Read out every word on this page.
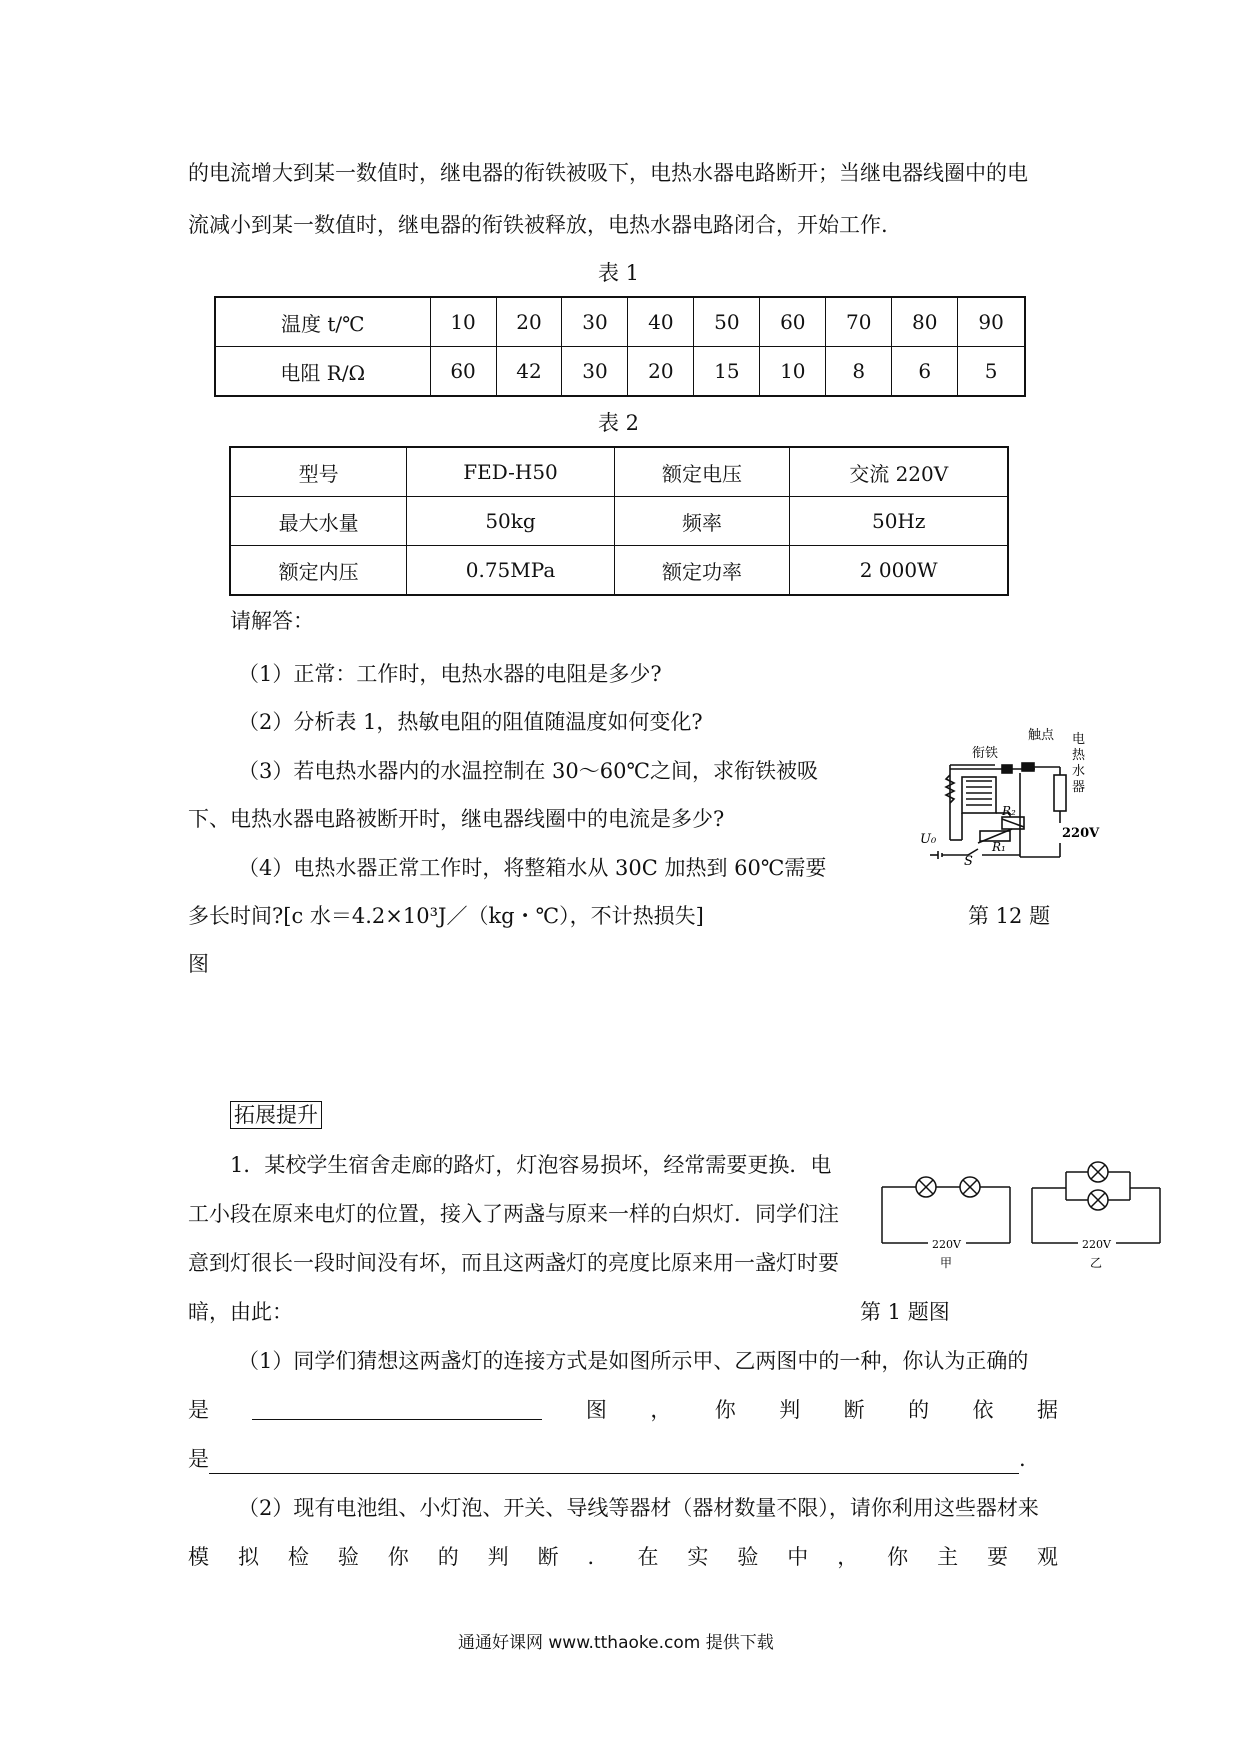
的电流增大到某一数值时，继电器的衔铁被吸下，电热水器电路断开；当继电器线圈中的电
流减小到某一数值时，继电器的衔铁被释放，电热水器电路闭合，开始工作.
表 1
温度 t/℃	10	20	30	40	50	60	70	80	90
电阻 R/Ω	60	42	30	20	15	10	8	6	5
表 2
型号	FED-H50	额定电压	交流 220V
最大水量	50kg	频率	50Hz
额定内压	0.75MPa	额定功率	2 000W
请解答：
（1）正常：工作时，电热水器的电阻是多少?
（2）分析表 1，热敏电阻的阻值随温度如何变化?
（3）若电热水器内的水温控制在 30～60℃之间，求衔铁被吸
下、电热水器电路被断开时，继电器线圈中的电流是多少?
（4）电热水器正常工作时，将整箱水从 30C 加热到 60℃需要
多长时间?[c 水＝4.2×10³J／（kg・℃），不计热损失]	第 12 题
图
触点
衔铁
电
热
水
器
220V
R₂
R₁
U₀
S
拓展提升
1．某校学生宿舍走廊的路灯，灯泡容易损坏，经常需要更换．电
工小段在原来电灯的位置，接入了两盏与原来一样的白炽灯．同学们注
意到灯很长一段时间没有坏，而且这两盏灯的亮度比原来用一盏灯时要
暗，由此：	第 1 题图
220V
甲
220V
乙
（1）同学们猜想这两盏灯的连接方式是如图所示甲、乙两图中的一种，你认为正确的
是	图 ， 你 判 断 的 依 据
是	.
（2）现有电池组、小灯泡、开关、导线等器材（器材数量不限），请你利用这些器材来
模 拟 检 验 你 的 判 断 ． 在 实 验 中 ， 你 主 要 观
通通好课网 www.tthaoke.com 提供下载
